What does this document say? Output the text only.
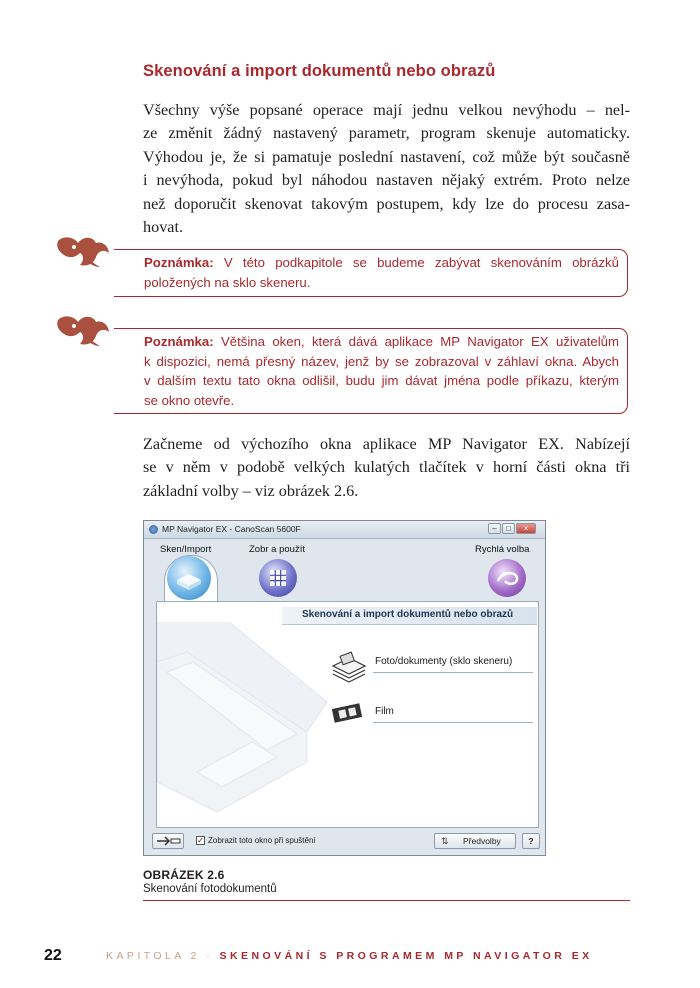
Skenování a import dokumentů nebo obrazů
Všechny výše popsané operace mají jednu velkou nevýhodu – nel-
ze změnit žádný nastavený parametr, program skenuje automaticky.
Výhodou je, že si pamatuje poslední nastavení, což může být současně
i nevýhoda, pokud byl náhodou nastaven nějaký extrém. Proto nelze
než doporučit skenovat takovým postupem, kdy lze do procesu zasa-
hovat.
Poznámka: V této podkapitole se budeme zabývat skenováním obrázků
položených na sklo skeneru.
Poznámka: Většina oken, která dává aplikace MP Navigator EX uživatelům
k dispozici, nemá přesný název, jenž by se zobrazoval v záhlaví okna. Abych
v dalším textu tato okna odlišil, budu jim dávat jména podle příkazu, kterým
se okno otevře.
Začneme od výchozího okna aplikace MP Navigator EX. Nabízejí
se v něm v podobě velkých kulatých tlačítek v horní části okna tři
základní volby – viz obrázek 2.6.
MP Navigator EX - CanoScan 5600F	–	□	×
Sken/Import	Zobr a použít	Rychlá volba
Skenování a import dokumentů nebo obrazů
Foto/dokumenty (sklo skeneru)
Film
✓ Zobrazit toto okno při spuštění	⇅ Předvolby	?
OBRÁZEK 2.6
Skenování fotodokumentů
22	KAPITOLA 2 · SKENOVÁNÍ S PROGRAMEM MP NAVIGATOR EX
